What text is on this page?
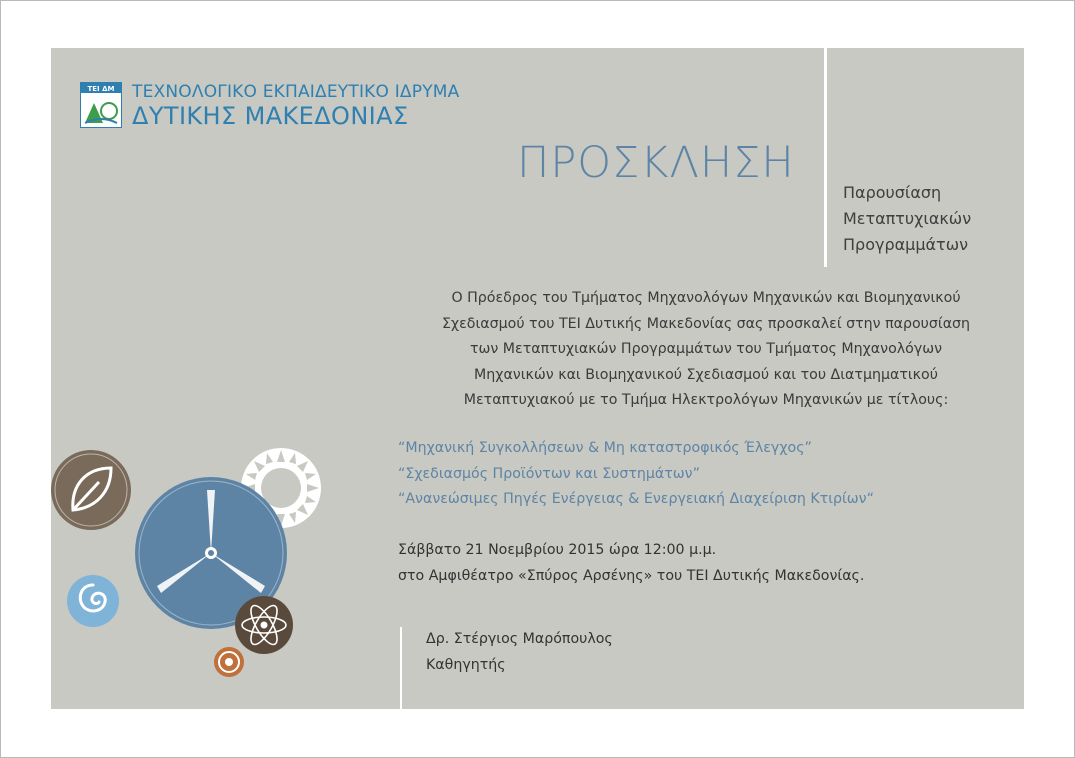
ΤΕΙ ΔΜ ΤΕΧΝΟΛΟΓΙΚΟ ΕΚΠΑΙΔΕΥΤΙΚΟ ΙΔΡΥΜΑ
ΔΥΤΙΚΗΣ ΜΑΚΕΔΟΝΙΑΣ
ΠΡΟΣΚΛΗΣΗ
Παρουσίαση
Μεταπτυχιακών
Προγραμμάτων
Ο Πρόεδρος του Τμήματος Μηχανολόγων Μηχανικών και Βιομηχανικού
Σχεδιασμού του ΤΕΙ Δυτικής Μακεδονίας σας προσκαλεί στην παρουσίαση
των Μεταπτυχιακών Προγραμμάτων του Τμήματος Μηχανολόγων
Μηχανικών και Βιομηχανικού Σχεδιασμού και του Διατμηματικού
Μεταπτυχιακού με το Τμήμα Ηλεκτρολόγων Μηχανικών με τίτλους:
“Μηχανική Συγκολλήσεων & Μη καταστροφικός Έλεγχος”
“Σχεδιασμός Προϊόντων και Συστημάτων”
“Ανανεώσιμες Πηγές Ενέργειας & Ενεργειακή Διαχείριση Κτιρίων“
Σάββατο 21 Νοεμβρίου 2015 ώρα 12:00 μ.μ.
στο Αμφιθέατρο «Σπύρος Αρσένης» του ΤΕΙ Δυτικής Μακεδονίας.
Δρ. Στέργιος Μαρόπουλος
Καθηγητής
